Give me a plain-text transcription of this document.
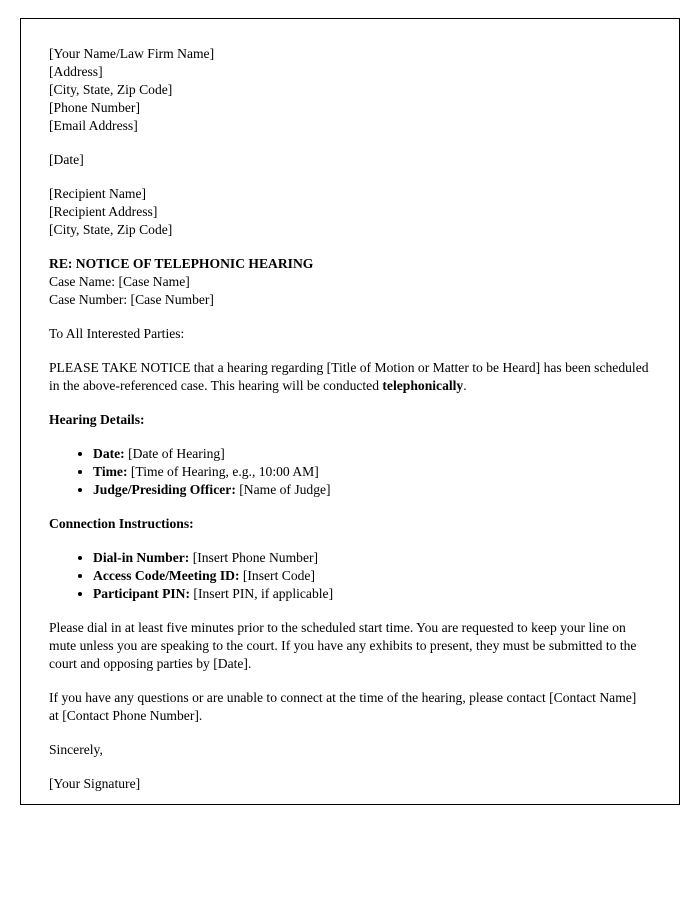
[Your Name/Law Firm Name]
[Address]
[City, State, Zip Code]
[Phone Number]
[Email Address]
[Date]
[Recipient Name]
[Recipient Address]
[City, State, Zip Code]
RE: NOTICE OF TELEPHONIC HEARING
Case Name: [Case Name]
Case Number: [Case Number]

To All Interested Parties:

PLEASE TAKE NOTICE that a hearing regarding [Title of Motion or Matter to be Heard] has been scheduled in the above-referenced case. This hearing will be conducted telephonically.

Hearing Details:

• Date: [Date of Hearing]
• Time: [Time of Hearing, e.g., 10:00 AM]
• Judge/Presiding Officer: [Name of Judge]

Connection Instructions:

• Dial-in Number: [Insert Phone Number]
• Access Code/Meeting ID: [Insert Code]
• Participant PIN: [Insert PIN, if applicable]

Please dial in at least five minutes prior to the scheduled start time. You are requested to keep your line on mute unless you are speaking to the court. If you have any exhibits to present, they must be submitted to the court and opposing parties by [Date].

If you have any questions or are unable to connect at the time of the hearing, please contact [Contact Name] at [Contact Phone Number].

Sincerely,

[Your Signature]
